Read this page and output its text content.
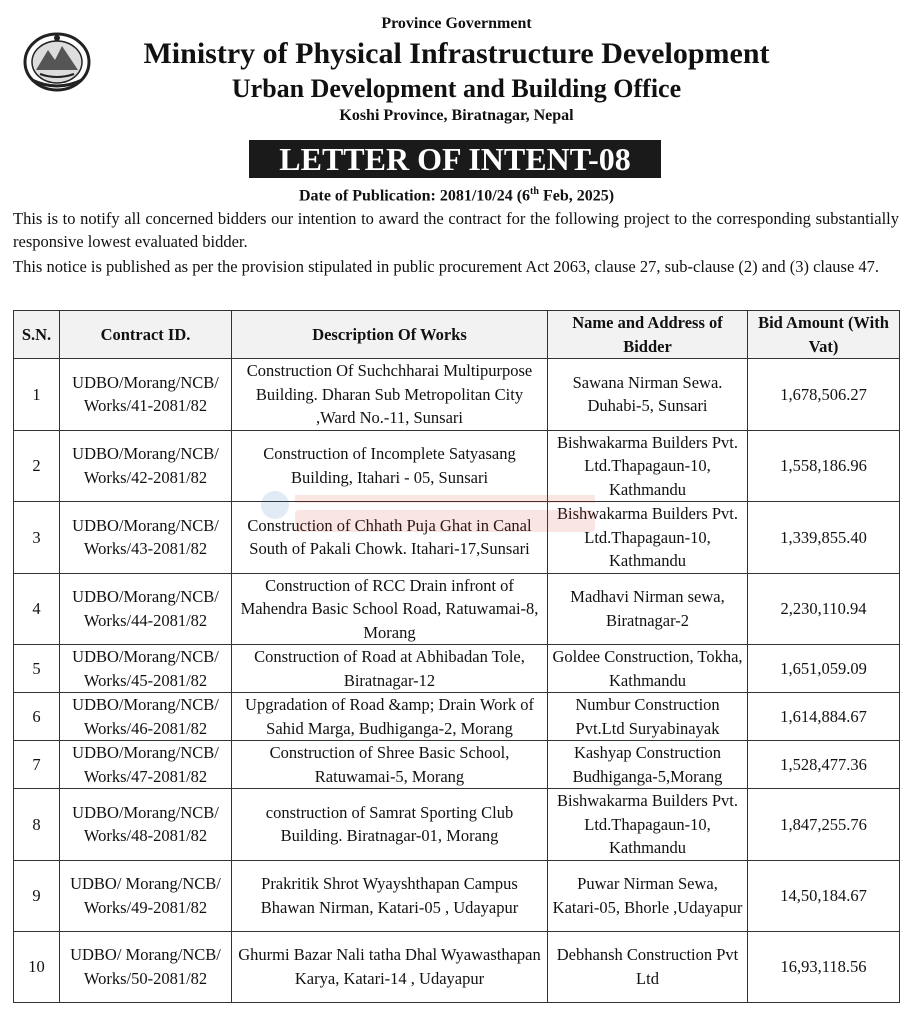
Province Government
Ministry of Physical Infrastructure Development
Urban Development and Building Office
Koshi Province, Biratnagar, Nepal
LETTER OF INTENT-08
Date of Publication: 2081/10/24 (6th Feb, 2025)
This is to notify all concerned bidders our intention to award the contract for the following project to the corresponding substantially responsive lowest evaluated bidder.
This notice is published as per the provision stipulated in public procurement Act 2063, clause 27, sub-clause (2) and (3) clause 47.
S.N.	Contract ID.	Description Of Works	Name and Address of Bidder	Bid Amount (With Vat)
1	UDBO/Morang/NCB/ Works/41-2081/82	Construction Of Suchchharai Multipurpose Building. Dharan Sub Metropolitan City ,Ward No.-11, Sunsari	Sawana Nirman Sewa. Duhabi-5, Sunsari	1,678,506.27
2	UDBO/Morang/NCB/ Works/42-2081/82	Construction of Incomplete Satyasang Building, Itahari - 05, Sunsari	Bishwakarma Builders Pvt. Ltd.Thapagaun-10, Kathmandu	1,558,186.96
3	UDBO/Morang/NCB/ Works/43-2081/82	Construction of Chhath Puja Ghat in Canal South of Pakali Chowk. Itahari-17,Sunsari	Bishwakarma Builders Pvt. Ltd.Thapagaun-10, Kathmandu	1,339,855.40
4	UDBO/Morang/NCB/ Works/44-2081/82	Construction of RCC Drain infront of Mahendra Basic School Road, Ratuwamai-8, Morang	Madhavi Nirman sewa, Biratnagar-2	2,230,110.94
5	UDBO/Morang/NCB/ Works/45-2081/82	Construction of Road at Abhibadan Tole, Biratnagar-12	Goldee Construction, Tokha, Kathmandu	1,651,059.09
6	UDBO/Morang/NCB/ Works/46-2081/82	Upgradation of Road &amp; Drain Work of Sahid Marga, Budhiganga-2, Morang	Numbur Construction Pvt.Ltd Suryabinayak	1,614,884.67
7	UDBO/Morang/NCB/ Works/47-2081/82	Construction of Shree Basic School, Ratuwamai-5, Morang	Kashyap Construction Budhiganga-5,Morang	1,528,477.36
8	UDBO/Morang/NCB/ Works/48-2081/82	construction of Samrat Sporting Club Building. Biratnagar-01, Morang	Bishwakarma Builders Pvt. Ltd.Thapagaun-10, Kathmandu	1,847,255.76
9	UDBO/ Morang/NCB/ Works/49-2081/82	Prakritik Shrot Wyayshthapan Campus Bhawan Nirman, Katari-05 , Udayapur	Puwar Nirman Sewa, Katari-05, Bhorle ,Udayapur	14,50,184.67
10	UDBO/ Morang/NCB/ Works/50-2081/82	Ghurmi Bazar Nali tatha Dhal Wyawasthapan Karya, Katari-14 , Udayapur	Debhansh Construction Pvt Ltd	16,93,118.56
